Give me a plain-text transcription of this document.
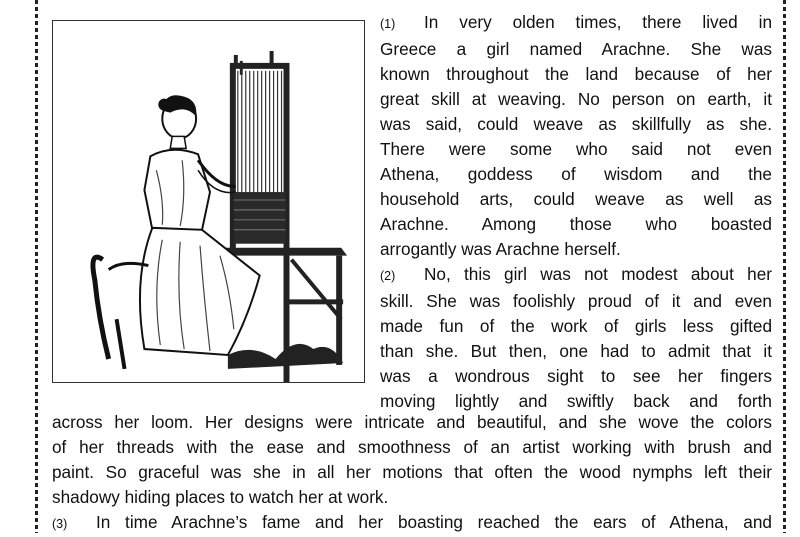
(1) In very olden times, there lived in
Greece a girl named Arachne. She was
known throughout the land because of her
great skill at weaving. No person on earth, it
was said, could weave as skillfully as she.
There were some who said not even
Athena, goddess of wisdom and the
household arts, could weave as well as
Arachne. Among those who boasted
arrogantly was Arachne herself.
(2) No, this girl was not modest about her
skill. She was foolishly proud of it and even
made fun of the work of girls less gifted
than she. But then, one had to admit that it
was a wondrous sight to see her fingers
moving lightly and swiftly back and forth
across her loom. Her designs were intricate and beautiful, and she wove the colors
of her threads with the ease and smoothness of an artist working with brush and
paint. So graceful was she in all her motions that often the wood nymphs left their
shadowy hiding places to watch her at work.
(3) In time Arachne’s fame and her boasting reached the ears of Athena, and
